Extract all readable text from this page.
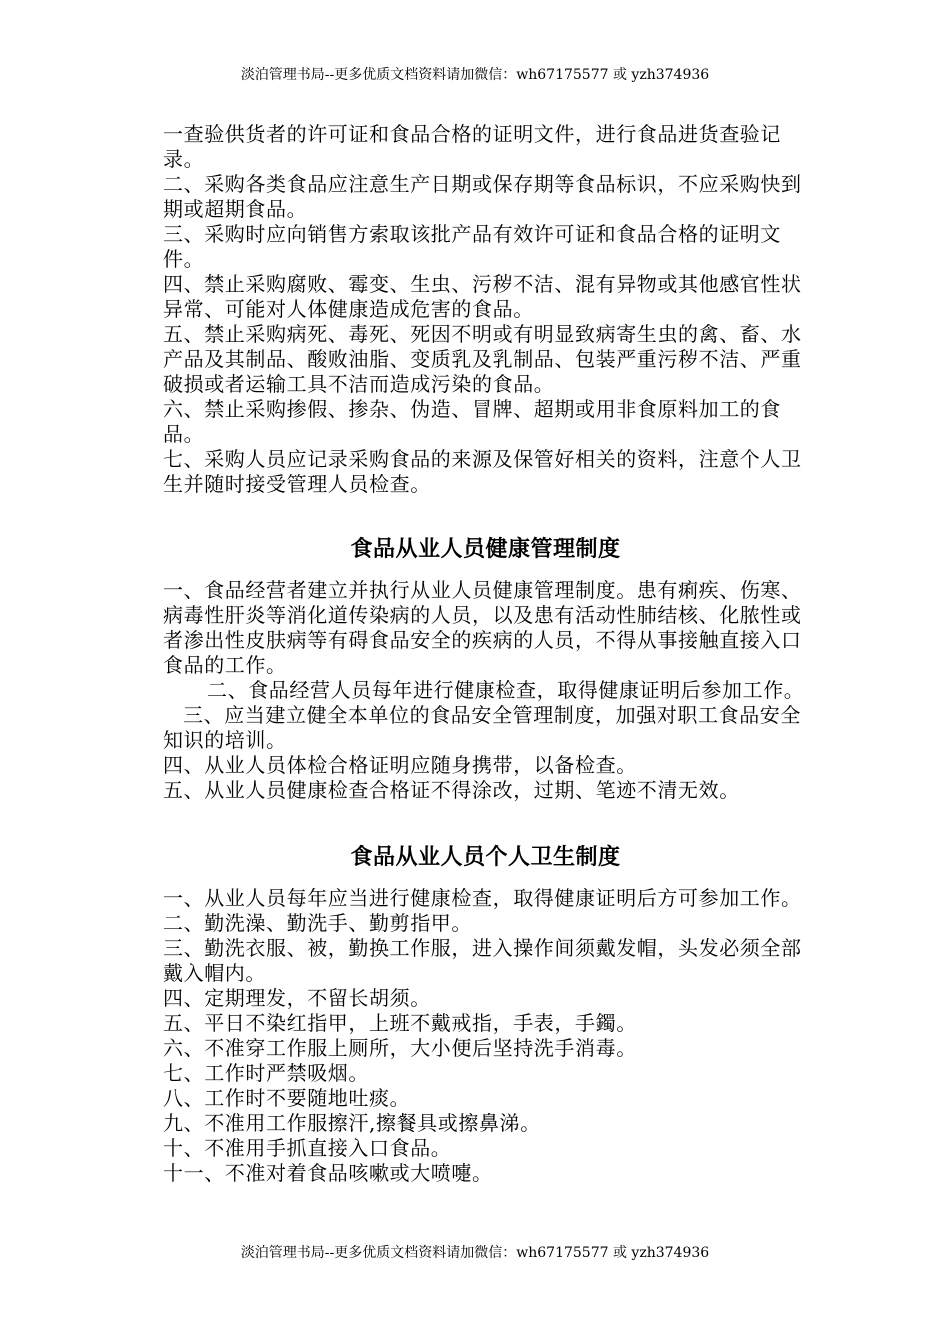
淡泊管理书局--更多优质文档资料请加微信：wh67175577 或 yzh374936

一查验供货者的许可证和食品合格的证明文件，进行食品进货查验记录。

二、采购各类食品应注意生产日期或保存期等食品标识，不应采购快到期或超期食品。

三、采购时应向销售方索取该批产品有效许可证和食品合格的证明文件。

四、禁止采购腐败、霉变、生虫、污秽不洁、混有异物或其他感官性状异常、可能对人体健康造成危害的食品。

五、禁止采购病死、毒死、死因不明或有明显致病寄生虫的禽、畜、水产品及其制品、酸败油脂、变质乳及乳制品、包装严重污秽不洁、严重破损或者运输工具不洁而造成污染的食品。

六、禁止采购掺假、掺杂、伪造、冒牌、超期或用非食原料加工的食品。

七、采购人员应记录采购食品的来源及保管好相关的资料，注意个人卫生并随时接受管理人员检查。

食品从业人员健康管理制度

一、食品经营者建立并执行从业人员健康管理制度。患有痢疾、伤寒、病毒性肝炎等消化道传染病的人员，以及患有活动性肺结核、化脓性或者渗出性皮肤病等有碍食品安全的疾病的人员，不得从事接触直接入口食品的工作。

二、食品经营人员每年进行健康检查，取得健康证明后参加工作。

三、应当建立健全本单位的食品安全管理制度，加强对职工食品安全知识的培训。

四、从业人员体检合格证明应随身携带，以备检查。

五、从业人员健康检查合格证不得涂改，过期、笔迹不清无效。

食品从业人员个人卫生制度

一、从业人员每年应当进行健康检查，取得健康证明后方可参加工作。

二、勤洗澡、勤洗手、勤剪指甲。

三、勤洗衣服、被，勤换工作服，进入操作间须戴发帽，头发必须全部戴入帽内。

四、定期理发，不留长胡须。

五、平日不染红指甲，上班不戴戒指，手表，手鐲。

六、不准穿工作服上厕所，大小便后坚持洗手消毒。

七、工作时严禁吸烟。

八、工作时不要随地吐痰。

九、不准用工作服擦汗,擦餐具或擦鼻涕。

十、不准用手抓直接入口食品。

十一、不准对着食品咳嗽或大喷嚏。

淡泊管理书局--更多优质文档资料请加微信：wh67175577 或 yzh374936
